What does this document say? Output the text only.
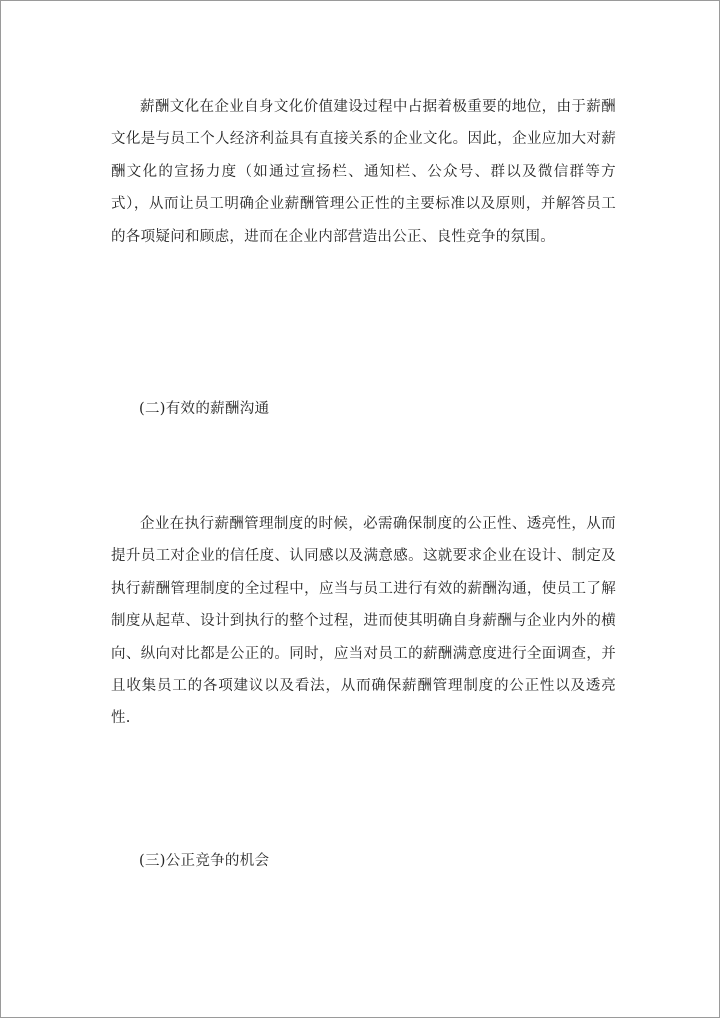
薪酬文化在企业自身文化价值建设过程中占据着极重要的地位，由于薪酬文化是与员工个人经济利益具有直接关系的企业文化。因此，企业应加大对薪酬文化的宣扬力度（如通过宣扬栏、通知栏、公众号、群以及微信群等方式），从而让员工明确企业薪酬管理公正性的主要标准以及原则，并解答员工的各项疑问和顾虑，进而在企业内部营造出公正、良性竞争的氛围。

(二)有效的薪酬沟通

企业在执行薪酬管理制度的时候，必需确保制度的公正性、透亮性，从而提升员工对企业的信任度、认同感以及满意感。这就要求企业在设计、制定及执行薪酬管理制度的全过程中，应当与员工进行有效的薪酬沟通，使员工了解制度从起草、设计到执行的整个过程，进而使其明确自身薪酬与企业内外的横向、纵向对比都是公正的。同时，应当对员工的薪酬满意度进行全面调查，并且收集员工的各项建议以及看法，从而确保薪酬管理制度的公正性以及透亮性.

(三)公正竞争的机会
